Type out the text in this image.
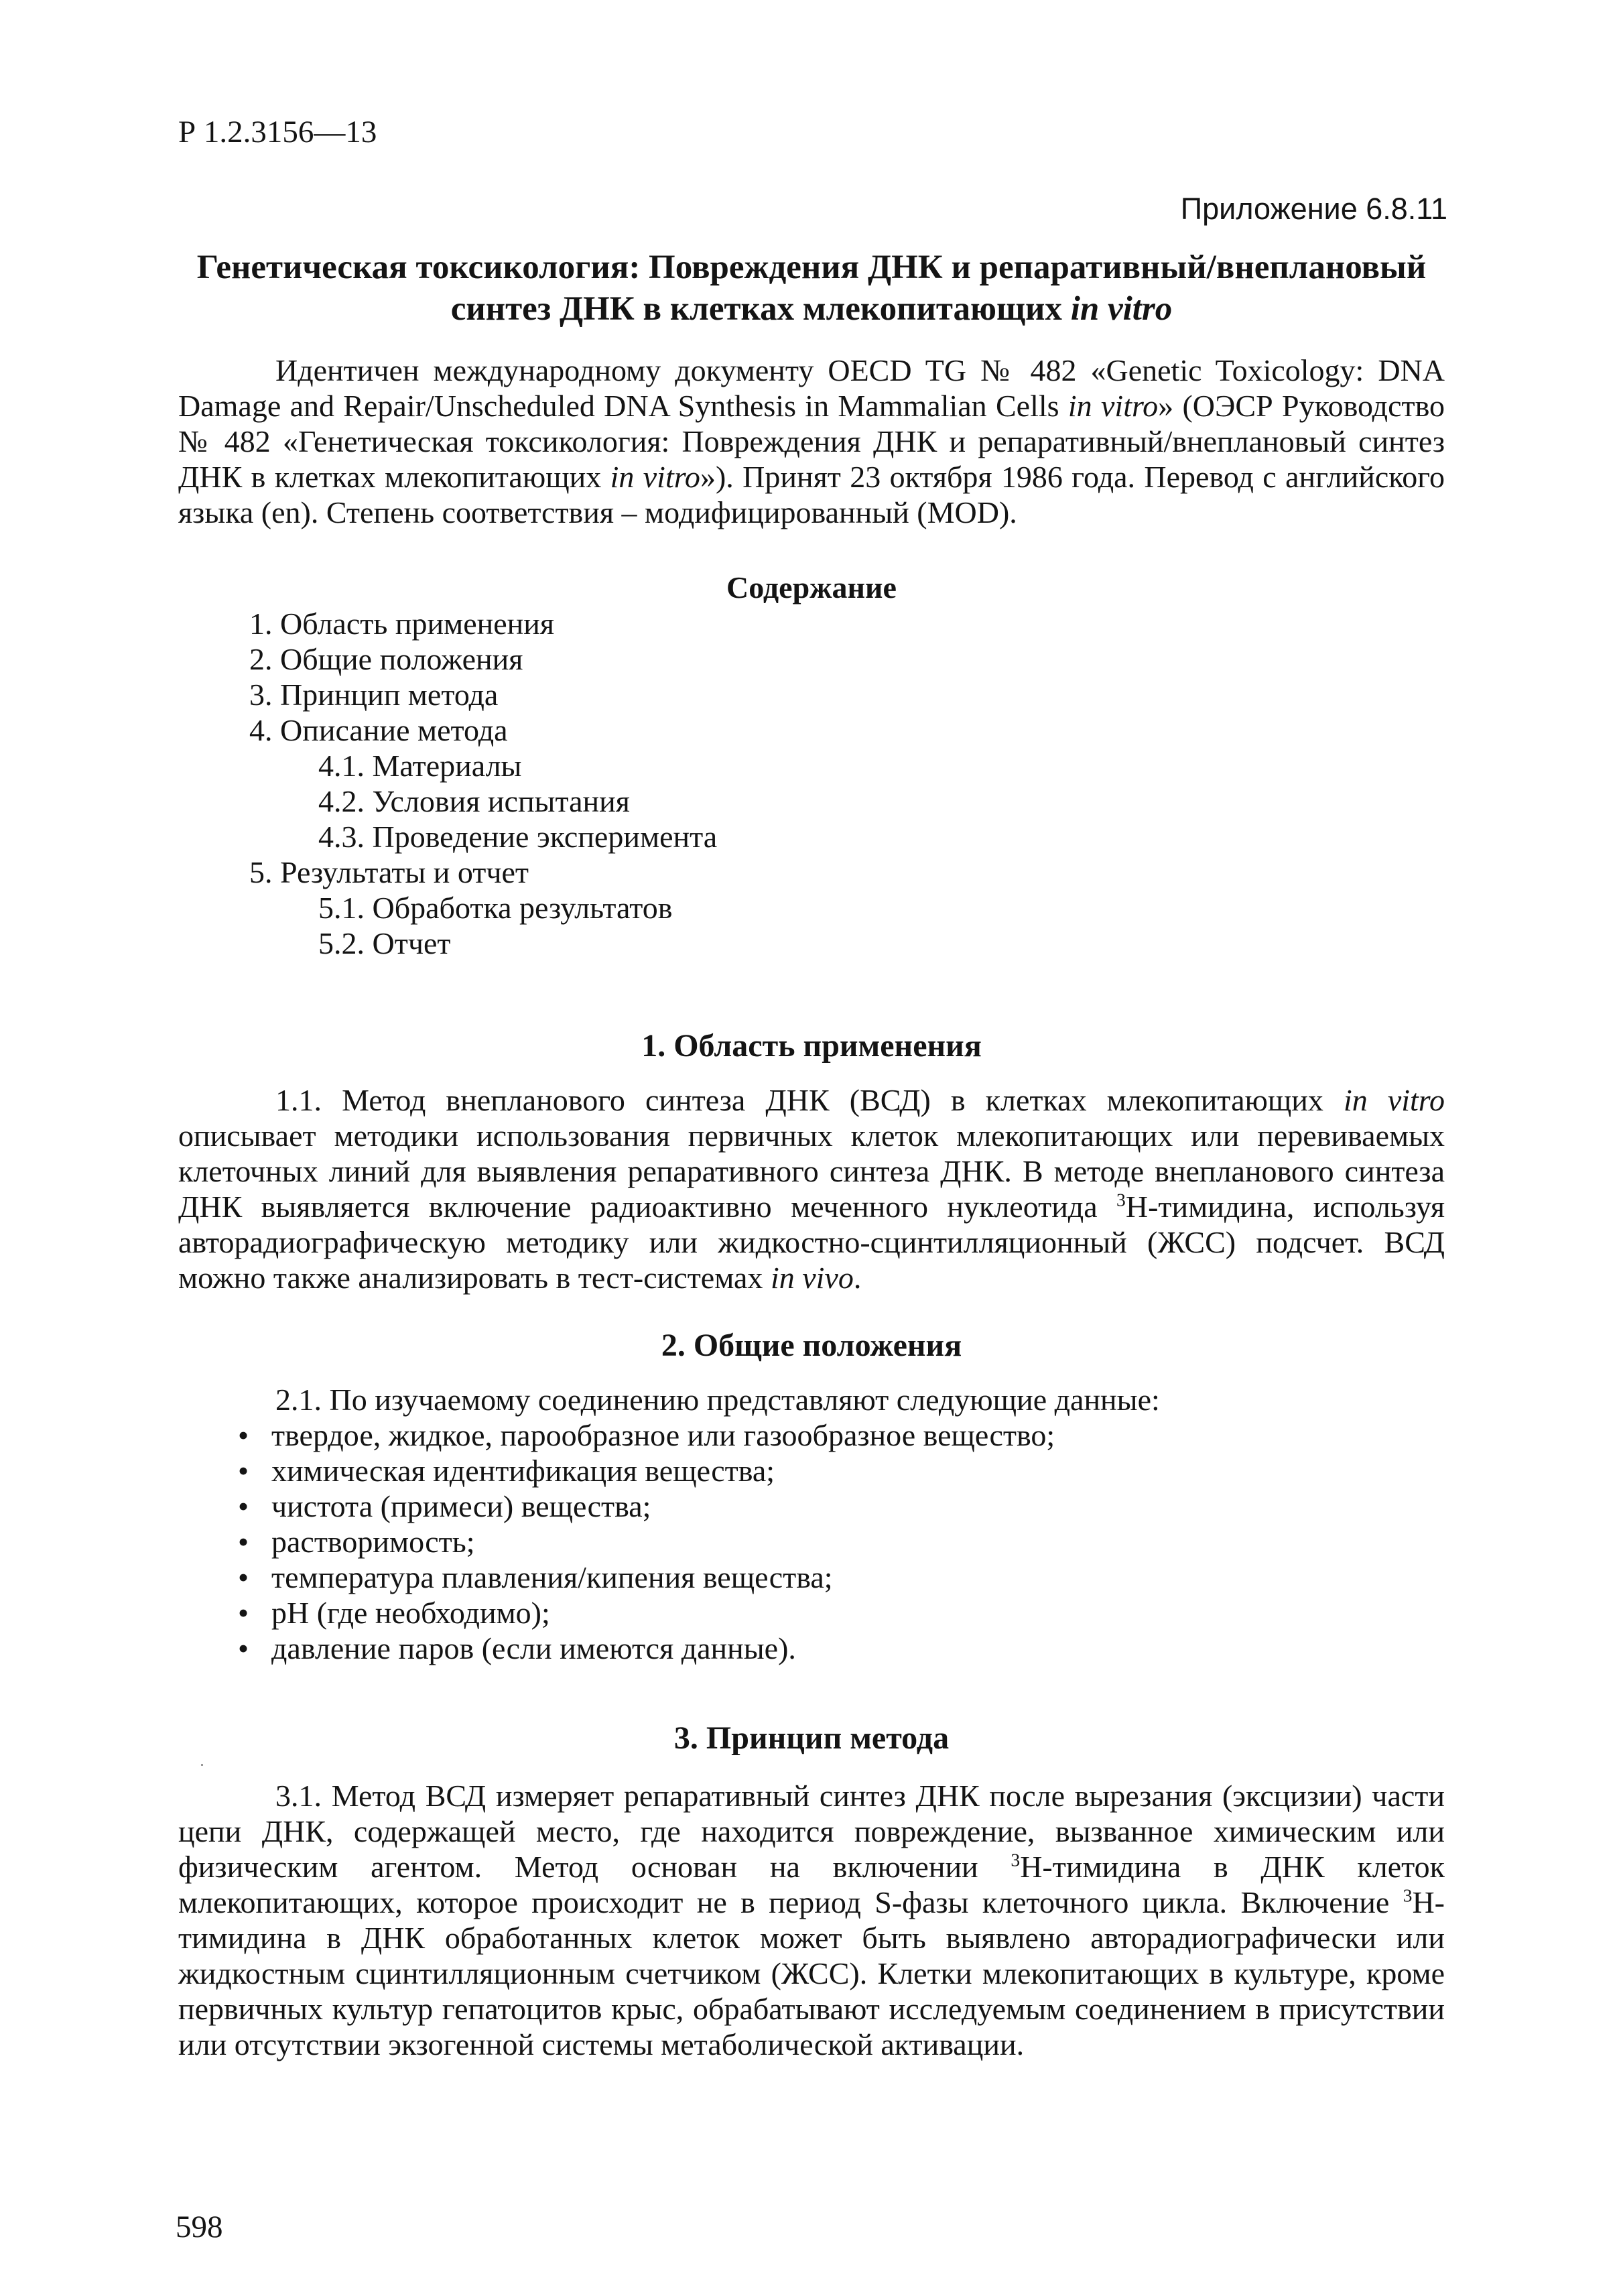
Р 1.2.3156—13
Приложение 6.8.11
Генетическая токсикология: Повреждения ДНК и репаративный/внеплановый
синтез ДНК в клетках млекопитающих in vitro

Идентичен международному документу OECD TG № 482 «Genetic Toxicology: DNA Damage and Repair/Unscheduled DNA Synthesis in Mammalian Cells in vitro» (ОЭСР Руководство № 482 «Генетическая токсикология: Повреждения ДНК и репаративный/внеплановый синтез ДНК в клетках млекопитающих in vitro»). Принят 23 октября 1986 года. Перевод с английского языка (en). Степень соответствия – модифицированный (MOD).

Содержание
1. Область применения
2. Общие положения
3. Принцип метода
4. Описание метода
4.1. Материалы
4.2. Условия испытания
4.3. Проведение эксперимента
5. Результаты и отчет
5.1. Обработка результатов
5.2. Отчет
1. Область применения

1.1. Метод внепланового синтеза ДНК (ВСД) в клетках млекопитающих in vitro описывает методики использования первичных клеток млекопитающих или перевиваемых клеточных линий для выявления репаративного синтеза ДНК. В методе внепланового синтеза ДНК выявляется включение радиоактивно меченного нуклеотида $^3$Н-тимидина, используя авторадиографическую методику или жидкостно-сцинтилляционный (ЖСС) подсчет. ВСД можно также анализировать в тест-системах in vivo.

2. Общие положения

2.1. По изучаемому соединению представляют следующие данные:

• твердое, жидкое, парообразное или газообразное вещество;
• химическая идентификация вещества;
• чистота (примеси) вещества;
• растворимость;
• температура плавления/кипения вещества;
• рН (где необходимо);
• давление паров (если имеются данные).
3. Принцип метода

3.1. Метод ВСД измеряет репаративный синтез ДНК после вырезания (эксцизии) части цепи ДНК, содержащей место, где находится повреждение, вызванное химическим или физическим агентом. Метод основан на включении $^3$Н-тимидина в ДНК клеток млекопитающих, которое происходит не в период S-фазы клеточного цикла. Включение $^3$Н-тимидина в ДНК обработанных клеток может быть выявлено авторадиографически или жидкостным сцинтилляционным счетчиком (ЖСС). Клетки млекопитающих в культуре, кроме первичных культур гепатоцитов крыс, обрабатывают исследуемым соединением в присутствии или отсутствии экзогенной системы метаболической активации.

598
